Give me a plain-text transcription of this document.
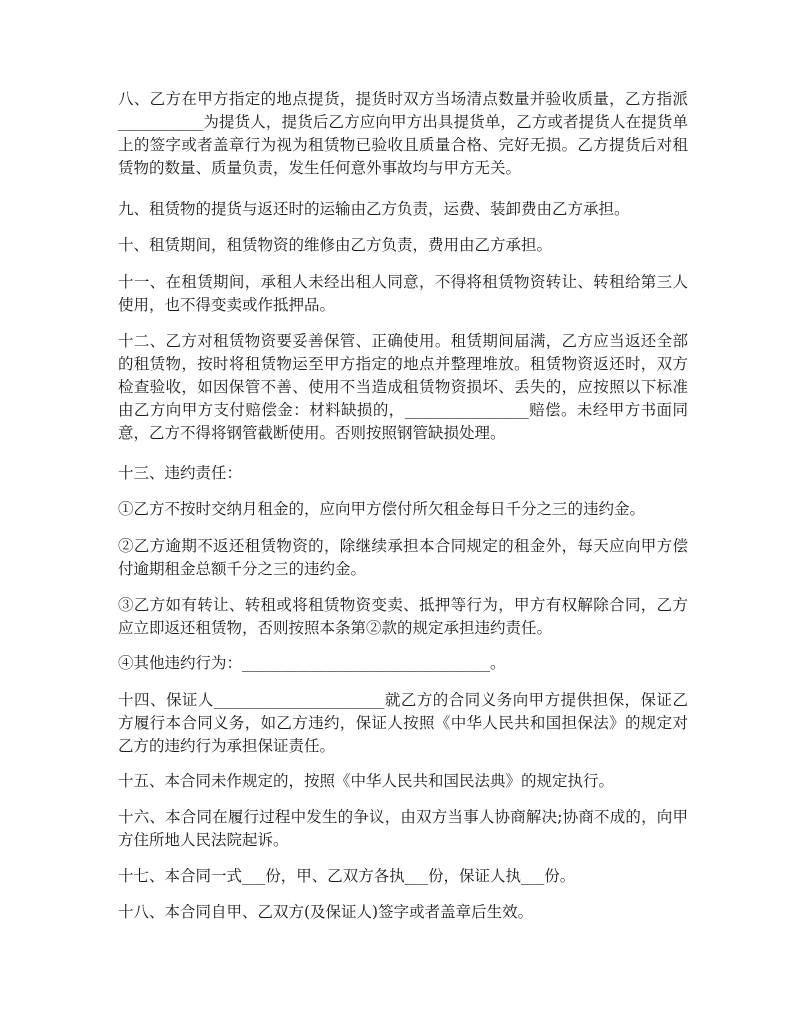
八、乙方在甲方指定的地点提货，提货时双方当场清点数量并验收质量，乙方指派___________为提货人，提货后乙方应向甲方出具提货单，乙方或者提货人在提货单上的签字或者盖章行为视为租赁物已验收且质量合格、完好无损。乙方提货后对租赁物的数量、质量负责，发生任何意外事故均与甲方无关。

九、租赁物的提货与返还时的运输由乙方负责，运费、装卸费由乙方承担。

十、租赁期间，租赁物资的维修由乙方负责，费用由乙方承担。

十一、在租赁期间，承租人未经出租人同意，不得将租赁物资转让、转租给第三人使用，也不得变卖或作抵押品。

十二、乙方对租赁物资要妥善保管、正确使用。租赁期间届满，乙方应当返还全部的租赁物，按时将租赁物运至甲方指定的地点并整理堆放。租赁物资返还时，双方检查验收，如因保管不善、使用不当造成租赁物资损坏、丢失的，应按照以下标准由乙方向甲方支付赔偿金：材料缺损的，________________赔偿。未经甲方书面同意，乙方不得将钢管截断使用。否则按照钢管缺损处理。

十三、违约责任：

①乙方不按时交纳月租金的，应向甲方偿付所欠租金每日千分之三的违约金。

②乙方逾期不返还租赁物资的，除继续承担本合同规定的租金外，每天应向甲方偿付逾期租金总额千分之三的违约金。

③乙方如有转让、转租或将租赁物资变卖、抵押等行为，甲方有权解除合同，乙方应立即返还租赁物，否则按照本条第②款的规定承担违约责任。

④其他违约行为：________________________________。

十四、保证人______________________就乙方的合同义务向甲方提供担保，保证乙方履行本合同义务，如乙方违约，保证人按照《中华人民共和国担保法》的规定对乙方的违约行为承担保证责任。

十五、本合同未作规定的，按照《中华人民共和国民法典》的规定执行。

十六、本合同在履行过程中发生的争议，由双方当事人协商解决;协商不成的，向甲方住所地人民法院起诉。

十七、本合同一式___份，甲、乙双方各执___份，保证人执___份。

十八、本合同自甲、乙双方(及保证人)签字或者盖章后生效。
